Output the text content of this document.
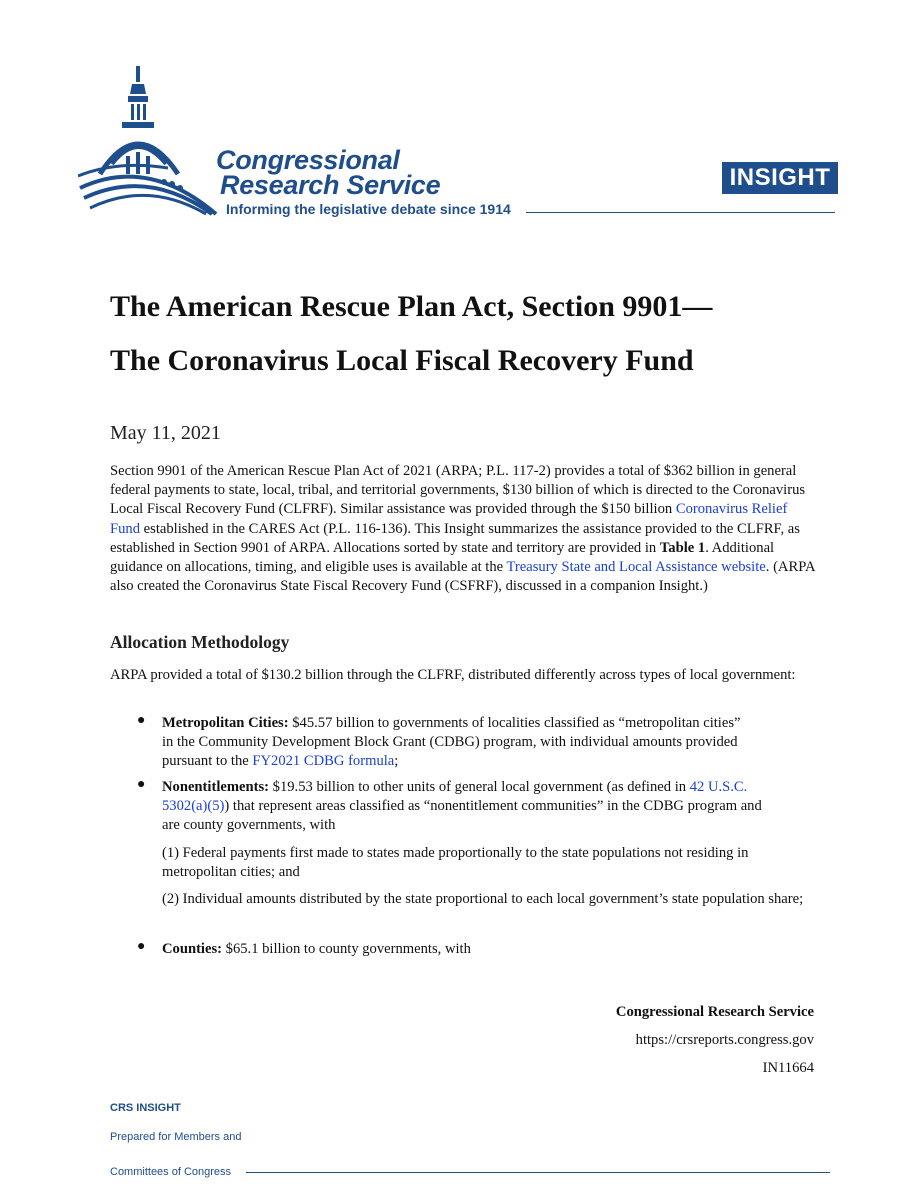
Congressional
Research Service
Informing the legislative debate since 1914
INSIGHT
The American Rescue Plan Act, Section 9901—
The Coronavirus Local Fiscal Recovery Fund
May 11, 2021
Section 9901 of the American Rescue Plan Act of 2021 (ARPA; P.L. 117-2) provides a total of $362 billion in general federal payments to state, local, tribal, and territorial governments, $130 billion of which is directed to the Coronavirus Local Fiscal Recovery Fund (CLFRF). Similar assistance was provided through the $150 billion Coronavirus Relief Fund established in the CARES Act (P.L. 116-136). This Insight summarizes the assistance provided to the CLFRF, as established in Section 9901 of ARPA. Allocations sorted by state and territory are provided in Table 1. Additional guidance on allocations, timing, and eligible uses is available at the Treasury State and Local Assistance website. (ARPA also created the Coronavirus State Fiscal Recovery Fund (CSFRF), discussed in a companion Insight.)
Allocation Methodology
ARPA provided a total of $130.2 billion through the CLFRF, distributed differently across types of local government:
● Metropolitan Cities: $45.57 billion to governments of localities classified as “metropolitan cities” in the Community Development Block Grant (CDBG) program, with individual amounts provided pursuant to the FY2021 CDBG formula;
● Nonentitlements: $19.53 billion to other units of general local government (as defined in 42 U.S.C. 5302(a)(5)) that represent areas classified as “nonentitlement communities” in the CDBG program and are county governments, with
(1) Federal payments first made to states made proportionally to the state populations not residing in metropolitan cities; and
(2) Individual amounts distributed by the state proportional to each local government’s state population share;
● Counties: $65.1 billion to county governments, with
Congressional Research Service
https://crsreports.congress.gov
IN11664
CRS INSIGHT
Prepared for Members and
Committees of Congress
